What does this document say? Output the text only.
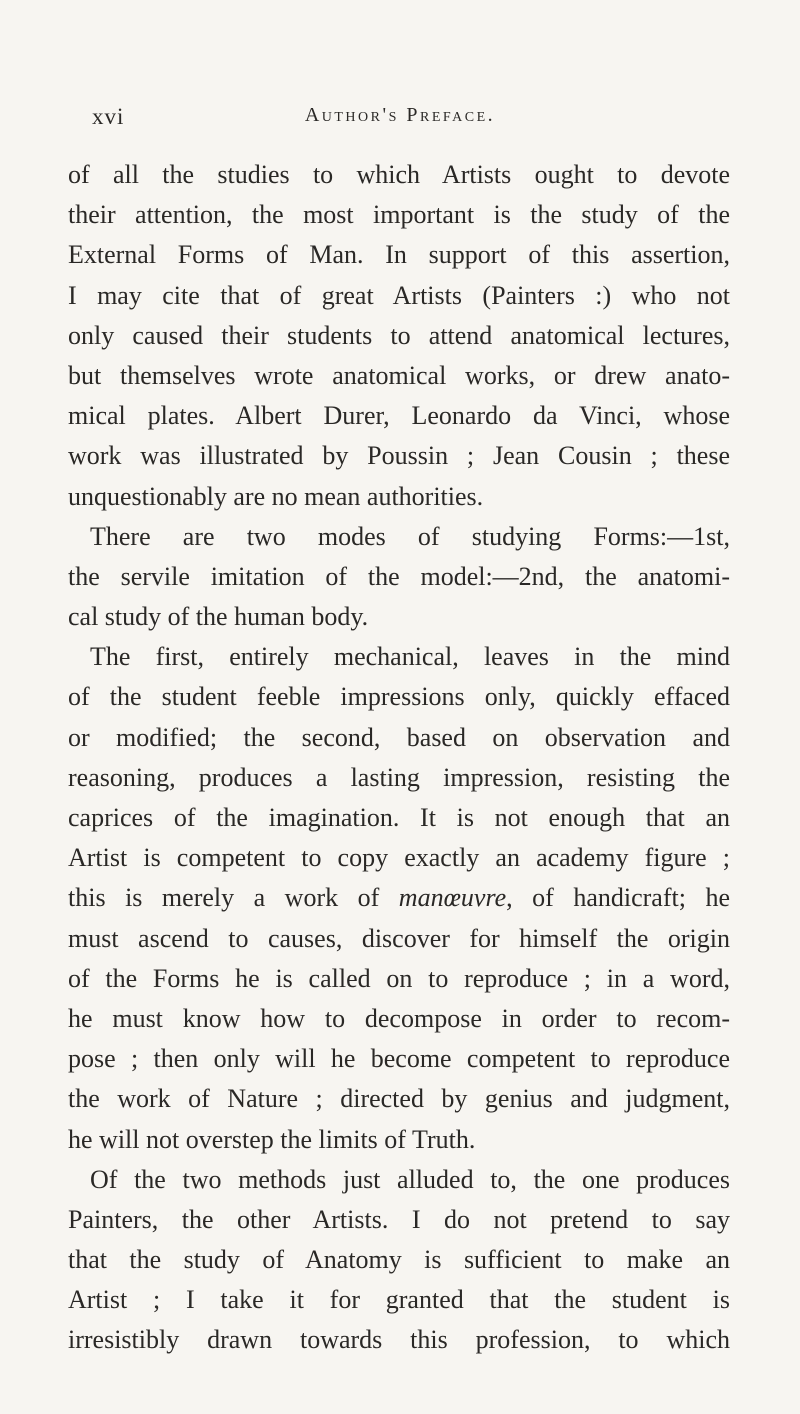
xvi	Author's Preface.

of all the studies to which Artists ought to devote
their attention, the most important is the study of the
External Forms of Man. In support of this assertion,
I may cite that of great Artists (Painters :) who not
only caused their students to attend anatomical lectures,
but themselves wrote anatomical works, or drew anato-
mical plates. Albert Durer, Leonardo da Vinci, whose
work was illustrated by Poussin ; Jean Cousin ; these
unquestionably are no mean authorities.

There are two modes of studying Forms:—1st,
the servile imitation of the model:—2nd, the anatomi-
cal study of the human body.

The first, entirely mechanical, leaves in the mind
of the student feeble impressions only, quickly effaced
or modified; the second, based on observation and
reasoning, produces a lasting impression, resisting the
caprices of the imagination. It is not enough that an
Artist is competent to copy exactly an academy figure ;
this is merely a work of manœuvre, of handicraft; he
must ascend to causes, discover for himself the origin
of the Forms he is called on to reproduce ; in a word,
he must know how to decompose in order to recom-
pose ; then only will he become competent to reproduce
the work of Nature ; directed by genius and judgment,
he will not overstep the limits of Truth.

Of the two methods just alluded to, the one produces
Painters, the other Artists. I do not pretend to say
that the study of Anatomy is sufficient to make an
Artist ; I take it for granted that the student is
irresistibly drawn towards this profession, to which
